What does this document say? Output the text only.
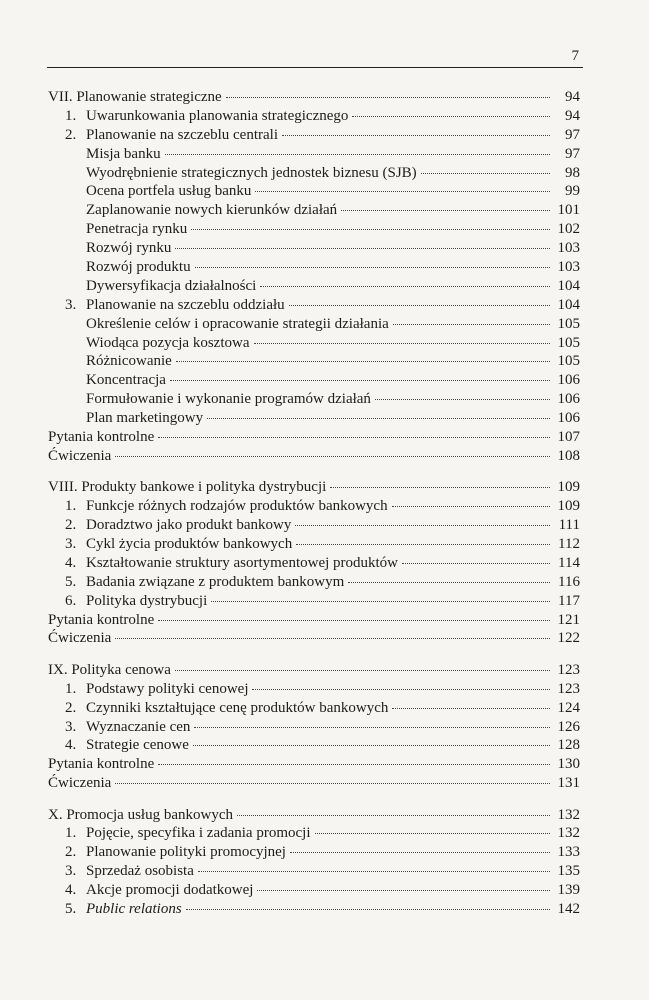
7
VII. Planowanie strategiczne	94
1. Uwarunkowania planowania strategicznego	94
2. Planowanie na szczeblu centrali	97
Misja banku	97
Wyodrębnienie strategicznych jednostek biznesu (SJB)	98
Ocena portfela usług banku	99
Zaplanowanie nowych kierunków działań	101
Penetracja rynku	102
Rozwój rynku	103
Rozwój produktu	103
Dywersyfikacja działalności	104
3. Planowanie na szczeblu oddziału	104
Określenie celów i opracowanie strategii działania	105
Wiodąca pozycja kosztowa	105
Różnicowanie	105
Koncentracja	106
Formułowanie i wykonanie programów działań	106
Plan marketingowy	106
Pytania kontrolne	107
Ćwiczenia	108
VIII. Produkty bankowe i polityka dystrybucji	109
1. Funkcje różnych rodzajów produktów bankowych	109
2. Doradztwo jako produkt bankowy	111
3. Cykl życia produktów bankowych	112
4. Kształtowanie struktury asortymentowej produktów	114
5. Badania związane z produktem bankowym	116
6. Polityka dystrybucji	117
Pytania kontrolne	121
Ćwiczenia	122
IX. Polityka cenowa	123
1. Podstawy polityki cenowej	123
2. Czynniki kształtujące cenę produktów bankowych	124
3. Wyznaczanie cen	126
4. Strategie cenowe	128
Pytania kontrolne	130
Ćwiczenia	131
X. Promocja usług bankowych	132
1. Pojęcie, specyfika i zadania promocji	132
2. Planowanie polityki promocyjnej	133
3. Sprzedaż osobista	135
4. Akcje promocji dodatkowej	139
5. Public relations	142
